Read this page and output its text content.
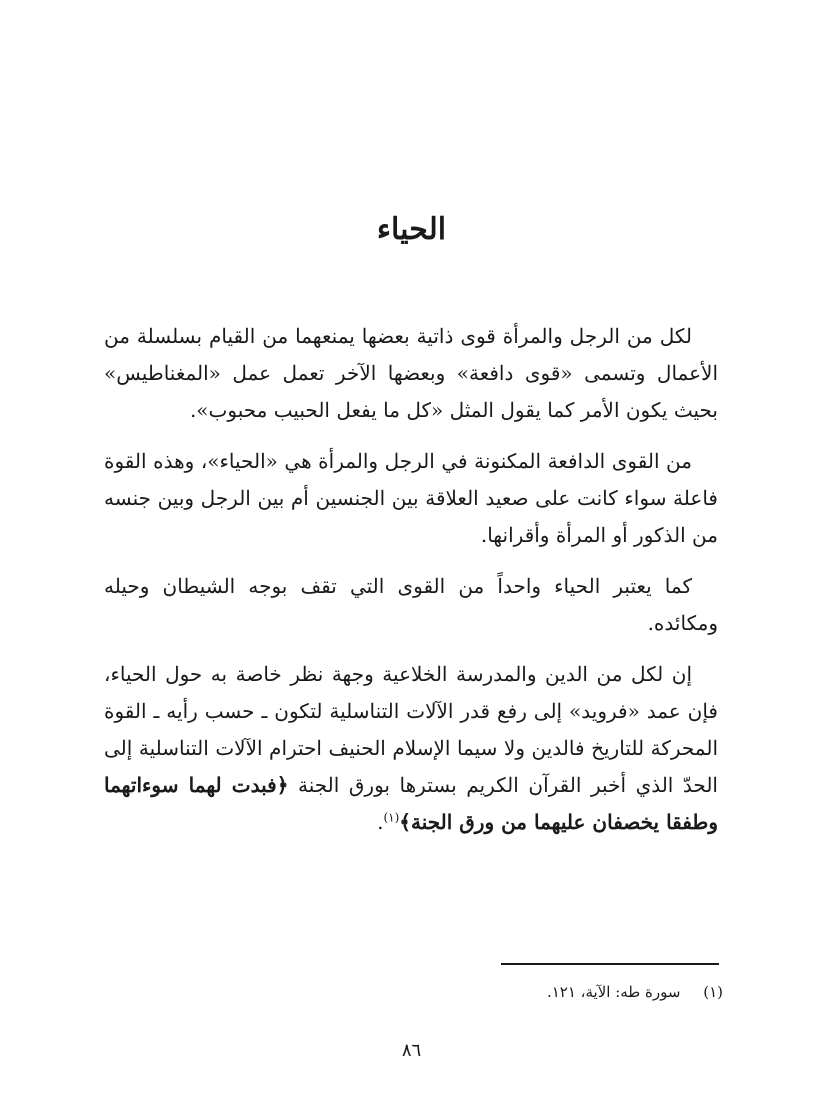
الحياء

لكل من الرجل والمرأة قوى ذاتية بعضها يمنعهما من القيام بسلسلة من الأعمال وتسمى «قوى دافعة» وبعضها الآخر تعمل عمل «المغناطيس» بحيث يكون الأمر كما يقول المثل «كل ما يفعل الحبيب محبوب».

من القوى الدافعة المكنونة في الرجل والمرأة هي «الحياء»، وهذه القوة فاعلة سواء كانت على صعيد العلاقة بين الجنسين أم بين الرجل وبين جنسه من الذكور أو المرأة وأقرانها.

كما يعتبر الحياء واحداً من القوى التي تقف بوجه الشيطان وحيله ومكائده.

إن لكل من الدين والمدرسة الخلاعية وجهة نظر خاصة به حول الحياء، فإن عمد «فرويد» إلى رفع قدر الآلات التناسلية لتكون ـ حسب رأيه ـ القوة المحركة للتاريخ فالدين ولا سيما الإسلام الحنيف احترام الآلات التناسلية إلى الحدّ الذي أخبر القرآن الكريم بسترها بورق الجنة ﴿فبدت لهما سوءاتهما وطفقا يخصفان عليهما من ورق الجنة﴾$^{(١)}$.

(١) سورة طه: الآية، ١٢١.

٨٦
